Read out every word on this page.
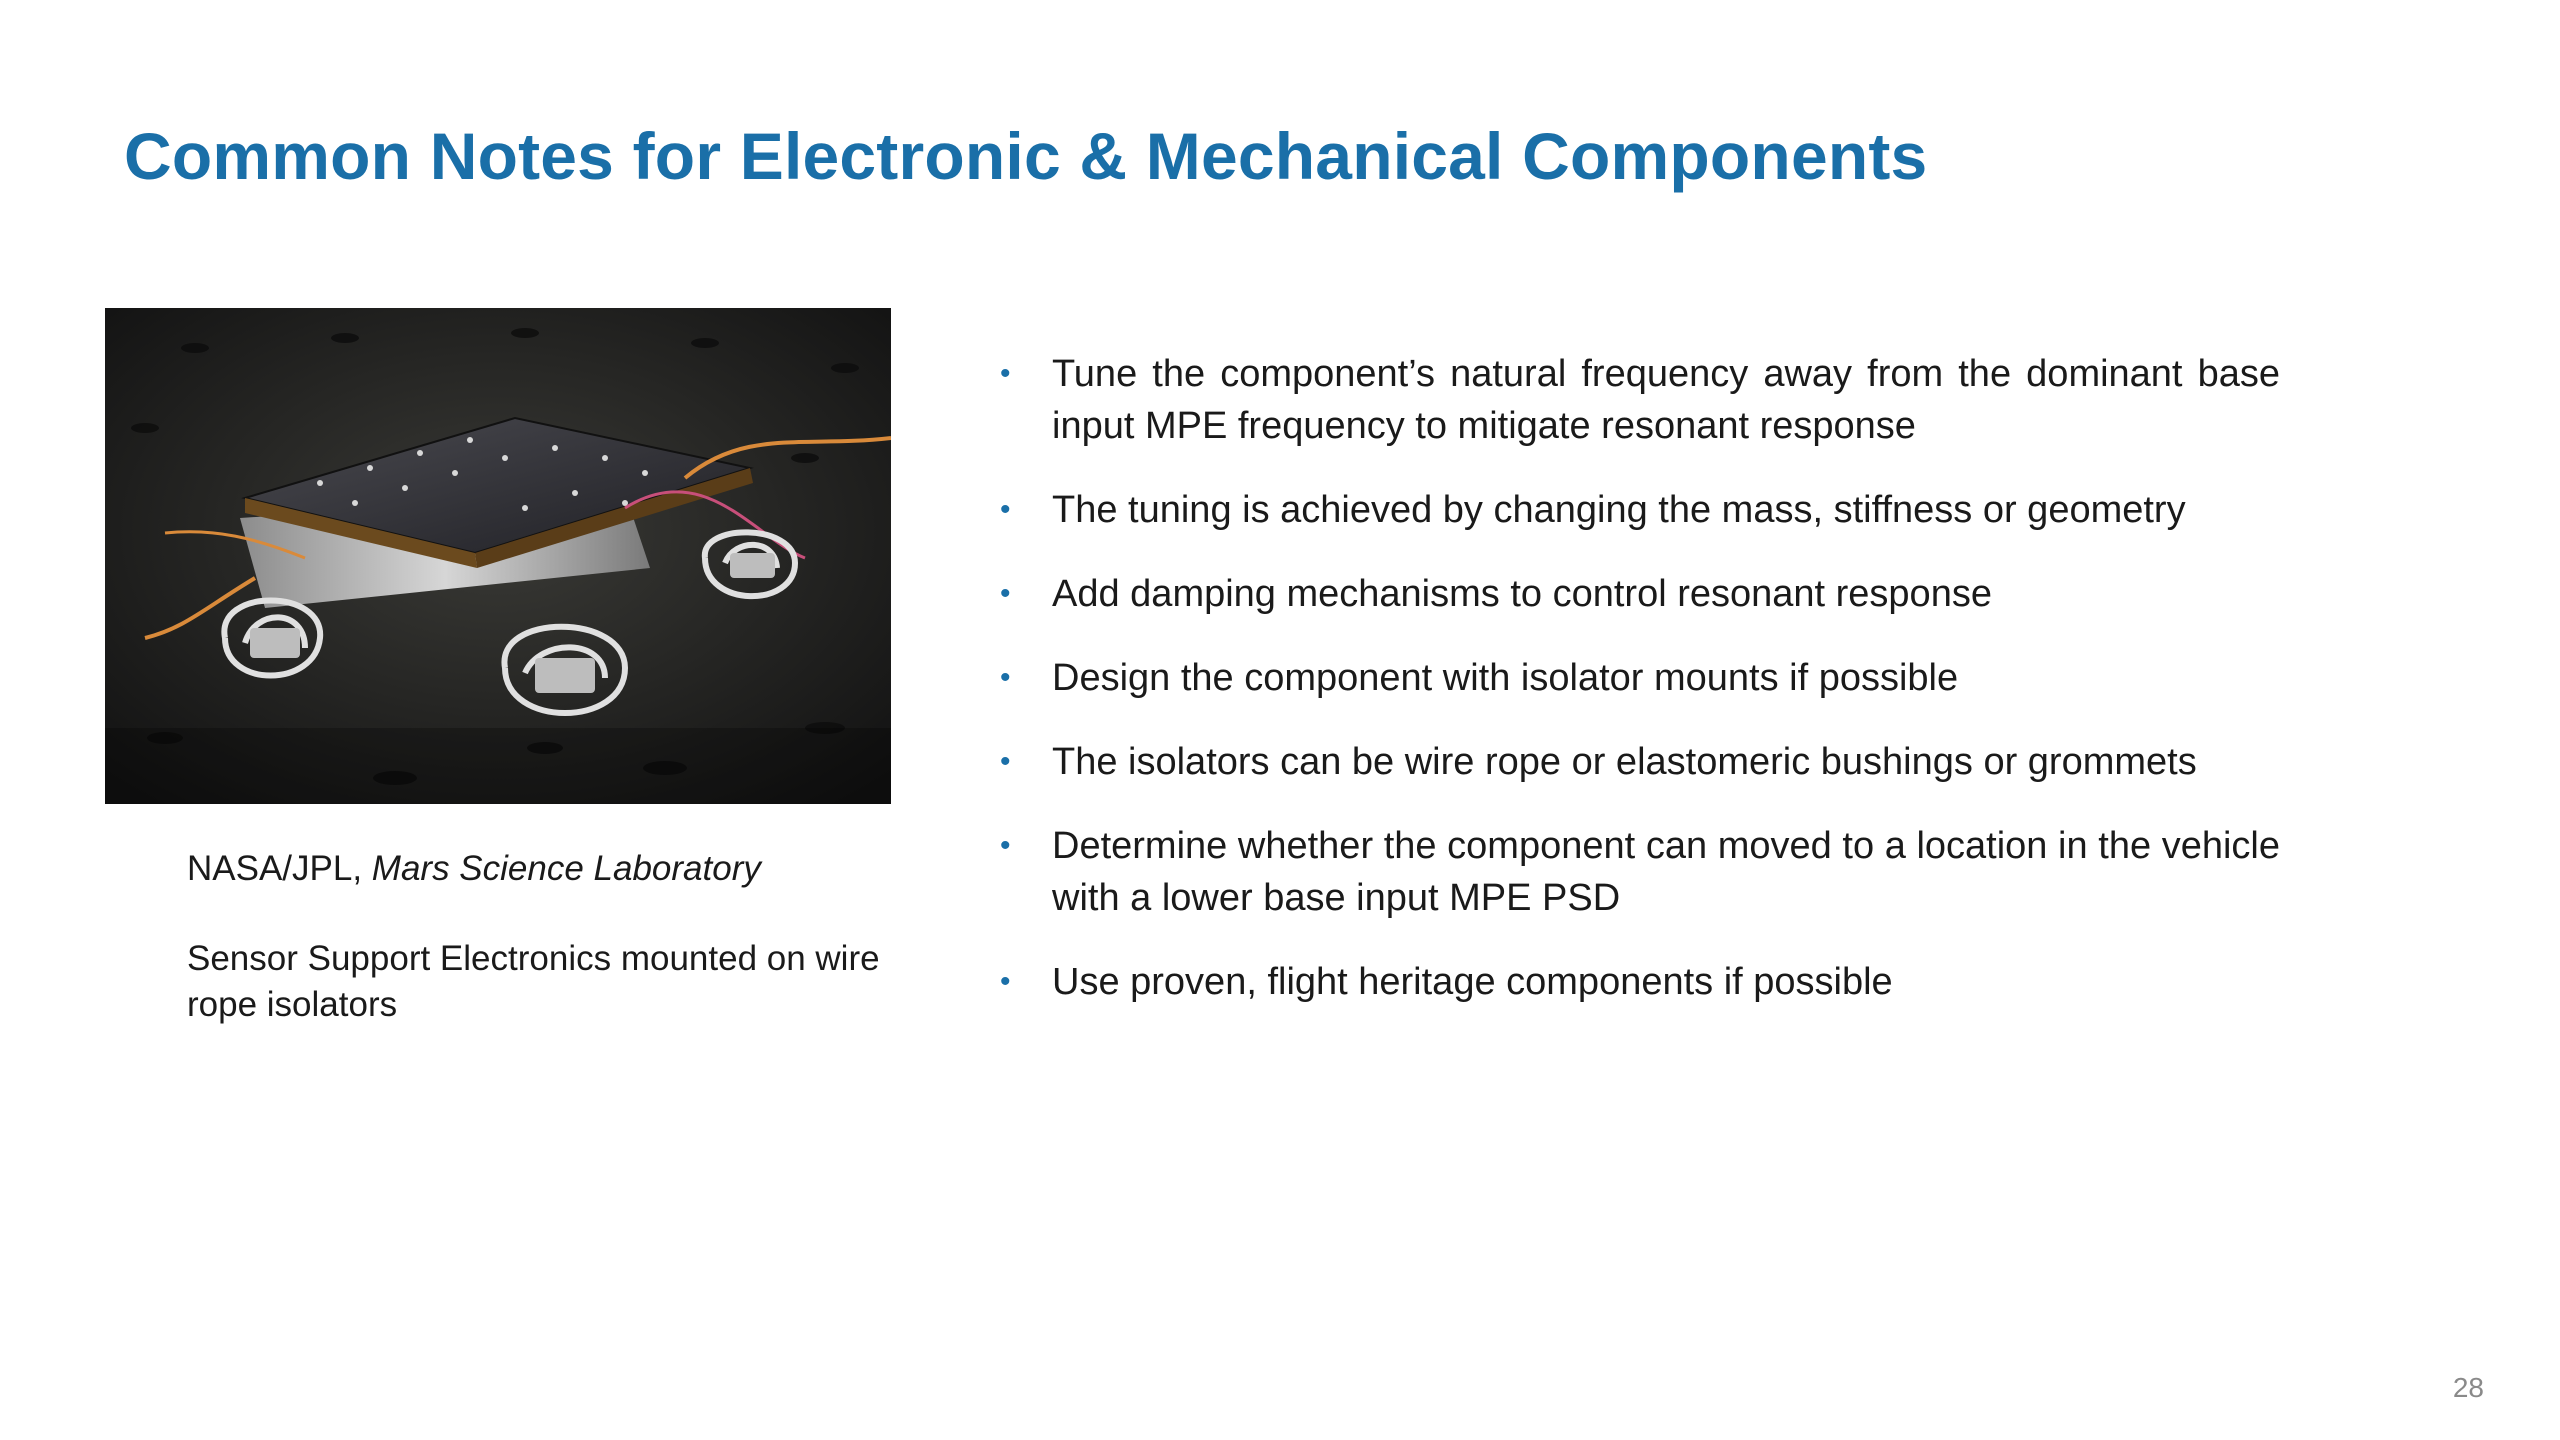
Common Notes for Electronic & Mechanical Components

NASA/JPL, Mars Science Laboratory

Sensor Support Electronics mounted on wire rope isolators

• Tune the component’s natural frequency away from the dominant base input MPE frequency to mitigate resonant response
• The tuning is achieved by changing the mass, stiffness or geometry
• Add damping mechanisms to control resonant response
• Design the component with isolator mounts if possible
• The isolators can be wire rope or elastomeric bushings or grommets
• Determine whether the component can moved to a location in the vehicle with a lower base input MPE PSD
• Use proven, flight heritage components if possible
28
